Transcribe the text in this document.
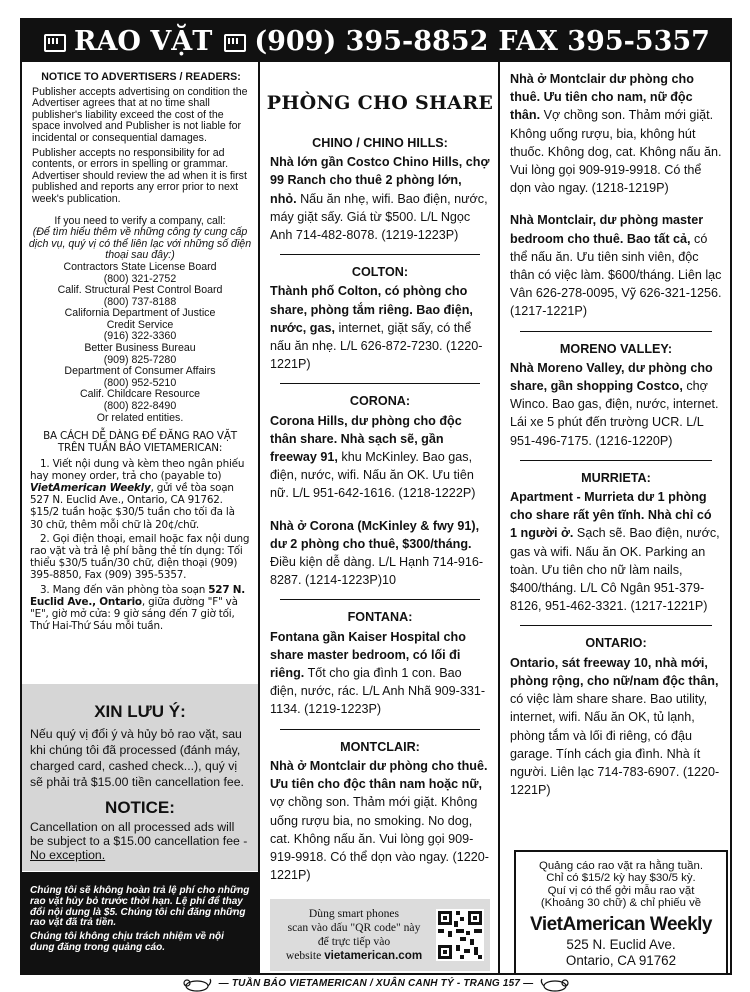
RAO VẶT (909) 395-8852 FAX 395-5357

NOTICE TO ADVERTISERS / READERS:

Publisher accepts advertising on condition the Advertiser agrees that at no time shall publisher's liability exceed the cost of the space involved and Publisher is not liable for incidental or consequential damages.

Publisher accepts no responsibility for ad contents, or errors in spelling or grammar. Advertiser should review the ad when it is first published and reports any error prior to next week's publication.

If you need to verify a company, call:
(Để tìm hiểu thêm về những công ty cung cấp dịch vụ, quý vị có thể liên lạc với những số điện thoại sau đây:)
Contractors State License Board
(800) 321-2752
Calif. Structural Pest Control Board
(800) 737-8188
California Department of Justice
Credit Service
(916) 322-3360
Better Business Bureau
(909) 825-7280
Department of Consumer Affairs
(800) 952-5210
Calif. Childcare Resource
(800) 822-8490
Or related entities.
BA CÁCH DỄ DÀNG ĐỂ ĐĂNG RAO VẶT TRÊN TUẦN BÁO VIETAMERICAN:

1. Viết nội dung và kèm theo ngân phiếu hay money order, trả cho (payable to) VietAmerican Weekly, gửi về tòa soạn 527 N. Euclid Ave., Ontario, CA 91762. $15/2 tuần hoặc $30/5 tuần cho tối đa là 30 chữ, thêm mỗi chữ là 20¢/chữ.

2. Gọi điện thoại, email hoặc fax nội dung rao vặt và trả lệ phí bằng thẻ tín dụng: Tối thiểu $30/5 tuần/30 chữ, điện thoại (909) 395-8850, Fax (909) 395-5357.

3. Mang đến văn phòng tòa soạn 527 N. Euclid Ave., Ontario, giữa đường "F" và "E", giờ mở cửa: 9 giờ sáng đến 7 giờ tối, Thứ Hai-Thứ Sáu mỗi tuần.

XIN LƯU Ý:
Nếu quý vị đổi ý và hủy bỏ rao vặt, sau khi chúng tôi đã processed (đánh máy, charged card, cashed check...), quý vị sẽ phải trả $15.00 tiền cancellation fee.
NOTICE:
Cancellation on all processed ads will be subject to a $15.00 cancellation fee - No exception.

Chúng tôi sẽ không hoàn trả lệ phí cho những rao vặt hủy bỏ trước thời hạn. Lệ phí để thay đổi nội dung là $5. Chúng tôi chỉ đăng những rao vặt đã trả tiền.

Chúng tôi không chịu trách nhiệm về nội dung đăng trong quảng cáo.

PHÒNG CHO SHARE
CHINO / CHINO HILLS:
Nhà lớn gần Costco Chino Hills, chợ 99 Ranch cho thuê 2 phòng lớn, nhỏ. Nấu ăn nhẹ, wifi. Bao điện, nước, máy giặt sấy. Giá từ $500. L/L Ngọc Anh 714-482-8078. (1219-1223P)
COLTON:
Thành phố Colton, có phòng cho share, phòng tắm riêng. Bao điện, nước, gas, internet, giặt sấy, có thể nấu ăn nhẹ. L/L 626-872-7230. (1220-1221P)
CORONA:
Corona Hills, dư phòng cho độc thân share. Nhà sạch sẽ, gần freeway 91, khu McKinley. Bao gas, điện, nước, wifi. Nấu ăn OK. Ưu tiên nữ. L/L 951-642-1616. (1218-1222P)
Nhà ở Corona (McKinley & fwy 91), dư 2 phòng cho thuê, $300/tháng. Điều kiện dễ dàng. L/L Hạnh 714-916-8287. (1214-1223P)10
FONTANA:
Fontana gần Kaiser Hospital cho share master bedroom, có lối đi riêng. Tốt cho gia đình 1 con. Bao điện, nước, rác. L/L Anh Nhã 909-331-1134. (1219-1223P)
MONTCLAIR:
Nhà ở Montclair dư phòng cho thuê. Ưu tiên cho độc thân nam hoặc nữ, vợ chồng son. Thảm mới giặt. Không uống rượu bia, no smoking. No dog, cat. Không nấu ăn. Vui lòng gọi 909-919-9918. Có thể dọn vào ngay. (1220-1221P)
Dùng smart phones
scan vào dấu "QR code" này
để trực tiếp vào
website vietamerican.com
Nhà ở Montclair dư phòng cho thuê. Ưu tiên cho nam, nữ độc thân. Vợ chồng son. Thảm mới giặt. Không uống rượu, bia, không hút thuốc. Không dog, cat. Không nấu ăn. Vui lòng gọi 909-919-9918. Có thể dọn vào ngay. (1218-1219P)
Nhà Montclair, dư phòng master bedroom cho thuê. Bao tất cả, có thể nấu ăn. Ưu tiên sinh viên, độc thân có việc làm. $600/tháng. Liên lạc Vân 626-278-0095, Vỹ 626-321-1256. (1217-1221P)
MORENO VALLEY:
Nhà Moreno Valley, dư phòng cho share, gần shopping Costco, chợ Winco. Bao gas, điện, nước, internet. Lái xe 5 phút đến trường UCR. L/L 951-496-7175. (1216-1220P)
MURRIETA:
Apartment - Murrieta dư 1 phòng cho share rất yên tĩnh. Nhà chỉ có 1 người ở. Sạch sẽ. Bao điện, nước, gas và wifi. Nấu ăn OK. Parking an toàn. Ưu tiên cho nữ làm nails, $400/tháng. L/L Cô Ngân 951-379-8126, 951-462-3321. (1217-1221P)
ONTARIO:
Ontario, sát freeway 10, nhà mới, phòng rộng, cho nữ/nam độc thân, có việc làm share share. Bao utility, internet, wifi. Nấu ăn OK, tủ lạnh, phòng tắm và lối đi riêng, có đậu garage. Tính cách gia đình. Nhà ít người. Liên lạc 714-783-6907. (1220-1221P)
Quảng cáo rao vặt ra hằng tuần.
Chỉ có $15/2 kỳ hay $30/5 kỳ.
Quí vị có thể gởi mẫu rao vặt
(Khoảng 30 chữ) & chỉ phiếu về
VietAmerican Weekly
525 N. Euclid Ave.
Ontario, CA 91762
— TUẦN BÁO VIETAMERICAN / XUÂN CANH TÝ - TRANG 157 —
